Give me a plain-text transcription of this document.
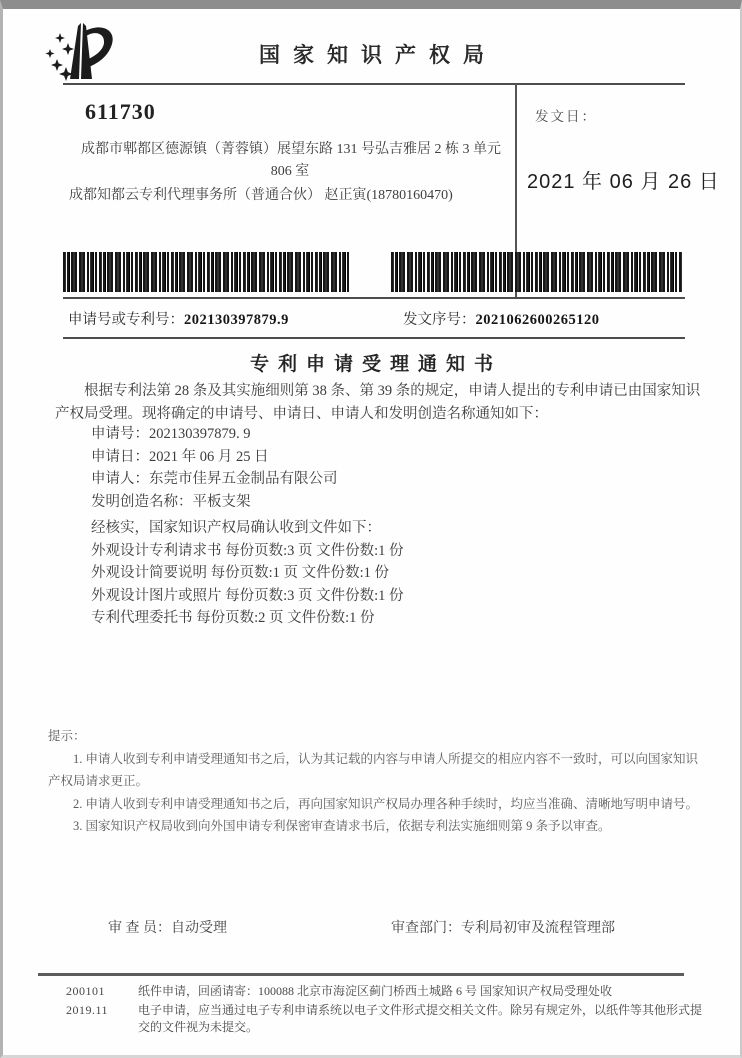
国家知识产权局
611730
成都市郫都区德源镇（菁蓉镇）展望东路 131 号弘吉雅居 2 栋 3 单元
806 室
成都知都云专利代理事务所（普通合伙） 赵正寅(18780160470)
发文日：
2021 年 06 月 26 日
申请号或专利号：202130397879.9	发文序号：2021062600265120
专利申请受理通知书
根据专利法第 28 条及其实施细则第 38 条、第 39 条的规定，申请人提出的专利申请已由国家知识产权局受理。现将确定的申请号、申请日、申请人和发明创造名称通知如下：
申请号：202130397879. 9
申请日：2021 年 06 月 25 日
申请人：东莞市佳昇五金制品有限公司
发明创造名称：平板支架
经核实，国家知识产权局确认收到文件如下：
外观设计专利请求书 每份页数:3 页 文件份数:1 份
外观设计简要说明 每份页数:1 页 文件份数:1 份
外观设计图片或照片 每份页数:3 页 文件份数:1 份
专利代理委托书 每份页数:2 页 文件份数:1 份
提示：
1. 申请人收到专利申请受理通知书之后，认为其记载的内容与申请人所提交的相应内容不一致时，可以向国家知识产权局请求更正。
2. 申请人收到专利申请受理通知书之后，再向国家知识产权局办理各种手续时，均应当准确、清晰地写明申请号。
3. 国家知识产权局收到向外国申请专利保密审查请求书后，依据专利法实施细则第 9 条予以审查。
审 查 员：自动受理	审查部门：专利局初审及流程管理部
200101	纸件申请，回函请寄：100088 北京市海淀区蓟门桥西土城路 6 号 国家知识产权局受理处收
2019.11	电子申请，应当通过电子专利申请系统以电子文件形式提交相关文件。除另有规定外，以纸件等其他形式提交的文件视为未提交。
